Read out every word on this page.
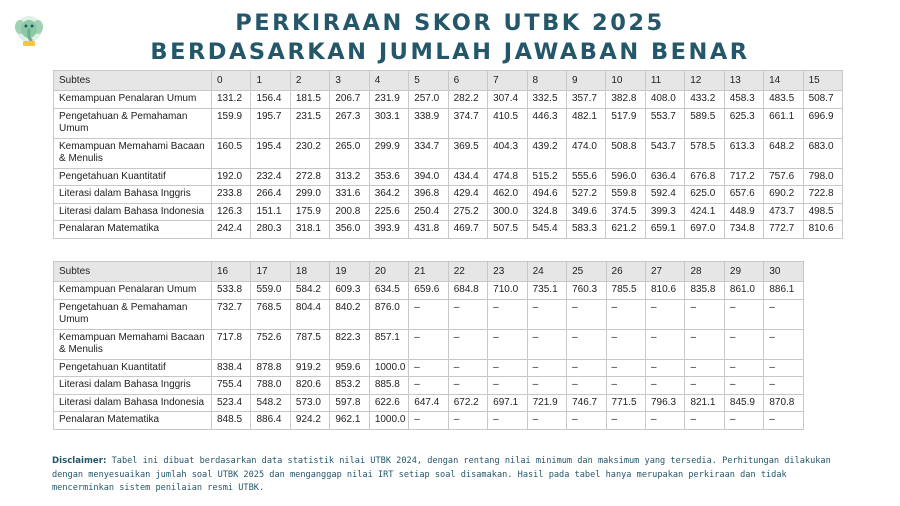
PERKIRAAN SKOR UTBK 2025
BERDASARKAN JUMLAH JAWABAN BENAR
Subtes	0	1	2	3	4	5	6	7	8	9	10	11	12	13	14	15
Kemampuan Penalaran Umum	131.2	156.4	181.5	206.7	231.9	257.0	282.2	307.4	332.5	357.7	382.8	408.0	433.2	458.3	483.5	508.7
Pengetahuan & Pemahaman Umum	159.9	195.7	231.5	267.3	303.1	338.9	374.7	410.5	446.3	482.1	517.9	553.7	589.5	625.3	661.1	696.9
Kemampuan Memahami Bacaan & Menulis	160.5	195.4	230.2	265.0	299.9	334.7	369.5	404.3	439.2	474.0	508.8	543.7	578.5	613.3	648.2	683.0
Pengetahuan Kuantitatif	192.0	232.4	272.8	313.2	353.6	394.0	434.4	474.8	515.2	555.6	596.0	636.4	676.8	717.2	757.6	798.0
Literasi dalam Bahasa Inggris	233.8	266.4	299.0	331.6	364.2	396.8	429.4	462.0	494.6	527.2	559.8	592.4	625.0	657.6	690.2	722.8
Literasi dalam Bahasa Indonesia	126.3	151.1	175.9	200.8	225.6	250.4	275.2	300.0	324.8	349.6	374.5	399.3	424.1	448.9	473.7	498.5
Penalaran Matematika	242.4	280.3	318.1	356.0	393.9	431.8	469.7	507.5	545.4	583.3	621.2	659.1	697.0	734.8	772.7	810.6
Subtes	16	17	18	19	20	21	22	23	24	25	26	27	28	29	30
Kemampuan Penalaran Umum	533.8	559.0	584.2	609.3	634.5	659.6	684.8	710.0	735.1	760.3	785.5	810.6	835.8	861.0	886.1
Pengetahuan & Pemahaman Umum	732.7	768.5	804.4	840.2	876.0	–	–	–	–	–	–	–	–	–	–
Kemampuan Memahami Bacaan & Menulis	717.8	752.6	787.5	822.3	857.1	–	–	–	–	–	–	–	–	–	–
Pengetahuan Kuantitatif	838.4	878.8	919.2	959.6	1000.0	–	–	–	–	–	–	–	–	–	–
Literasi dalam Bahasa Inggris	755.4	788.0	820.6	853.2	885.8	–	–	–	–	–	–	–	–	–	–
Literasi dalam Bahasa Indonesia	523.4	548.2	573.0	597.8	622.6	647.4	672.2	697.1	721.9	746.7	771.5	796.3	821.1	845.9	870.8
Penalaran Matematika	848.5	886.4	924.2	962.1	1000.0	–	–	–	–	–	–	–	–	–	–
Disclaimer: Tabel ini dibuat berdasarkan data statistik nilai UTBK 2024, dengan rentang nilai minimum dan maksimum yang tersedia. Perhitungan dilakukan dengan menyesuaikan jumlah soal UTBK 2025 dan menganggap nilai IRT setiap soal disamakan. Hasil pada tabel hanya merupakan perkiraan dan tidak mencerminkan sistem penilaian resmi UTBK.
